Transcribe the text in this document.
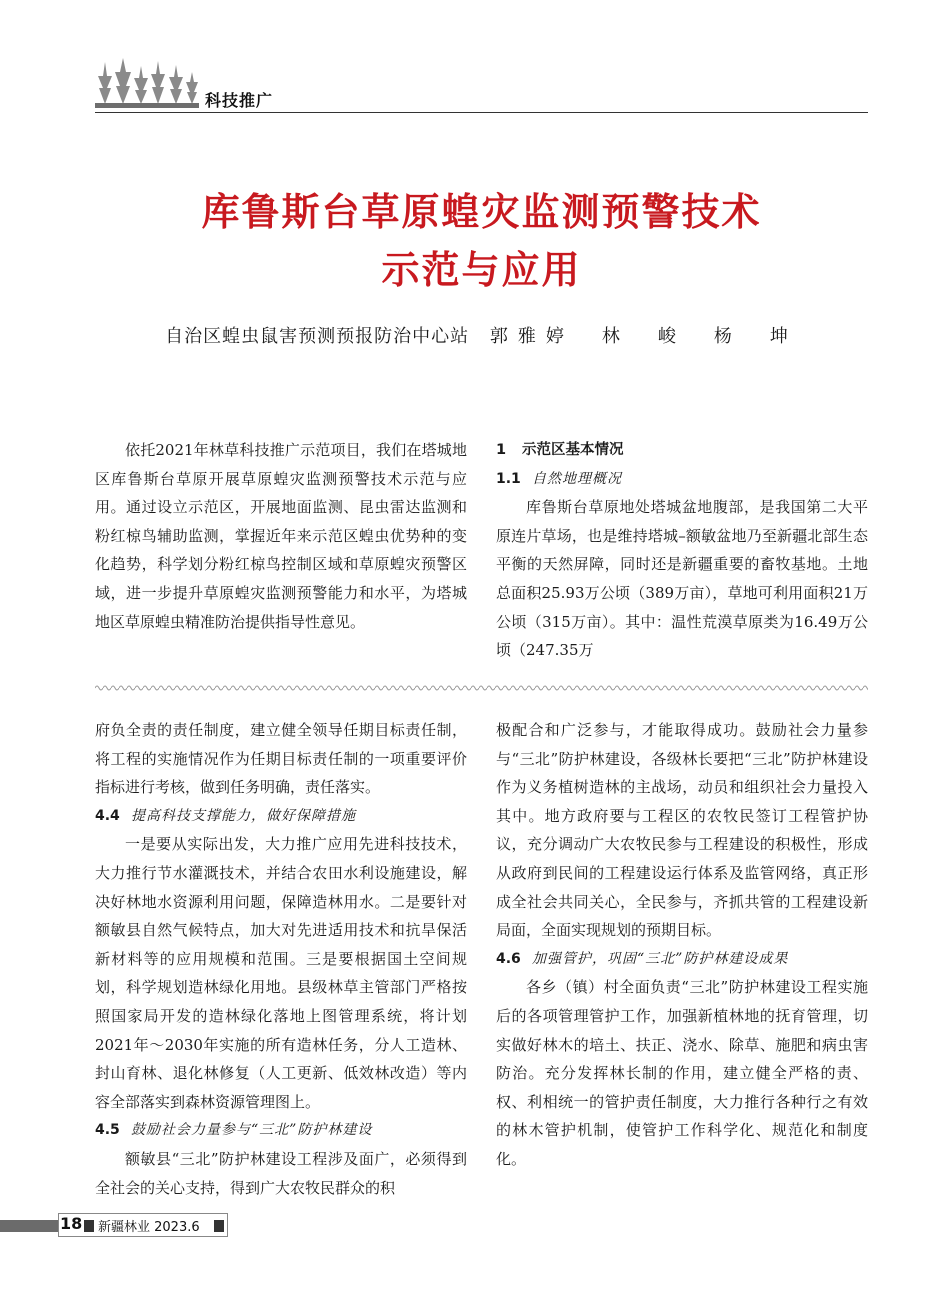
科技推广
库鲁斯台草原蝗灾监测预警技术
示范与应用
自治区蝗虫鼠害预测预报防治中心站 郭雅婷　林　峻　杨　坤

依托2021年林草科技推广示范项目，我们在塔城地区库鲁斯台草原开展草原蝗灾监测预警技术示范与应用。通过设立示范区，开展地面监测、昆虫雷达监测和粉红椋鸟辅助监测，掌握近年来示范区蝗虫优势种的变化趋势，科学划分粉红椋鸟控制区域和草原蝗灾预警区域，进一步提升草原蝗灾监测预警能力和水平，为塔城地区草原蝗虫精准防治提供指导性意见。

1 示范区基本情况
1.1 自然地理概况

库鲁斯台草原地处塔城盆地腹部，是我国第二大平原连片草场，也是维持塔城–额敏盆地乃至新疆北部生态平衡的天然屏障，同时还是新疆重要的畜牧基地。土地总面积25.93万公顷（389万亩），草地可利用面积21万公顷（315万亩）。其中：温性荒漠草原类为16.49万公顷（247.35万

府负全责的责任制度，建立健全领导任期目标责任制，将工程的实施情况作为任期目标责任制的一项重要评价指标进行考核，做到任务明确，责任落实。

4.4 提高科技支撑能力，做好保障措施

一是要从实际出发，大力推广应用先进科技技术，大力推行节水灌溉技术，并结合农田水利设施建设，解决好林地水资源利用问题，保障造林用水。二是要针对额敏县自然气候特点，加大对先进适用技术和抗旱保活新材料等的应用规模和范围。三是要根据国土空间规划，科学规划造林绿化用地。县级林草主管部门严格按照国家局开发的造林绿化落地上图管理系统，将计划2021年～2030年实施的所有造林任务，分人工造林、封山育林、退化林修复（人工更新、低效林改造）等内容全部落实到森林资源管理图上。

4.5 鼓励社会力量参与“三北”防护林建设

额敏县“三北”防护林建设工程涉及面广，必须得到全社会的关心支持，得到广大农牧民群众的积

极配合和广泛参与，才能取得成功。鼓励社会力量参与“三北”防护林建设，各级林长要把“三北”防护林建设作为义务植树造林的主战场，动员和组织社会力量投入其中。地方政府要与工程区的农牧民签订工程管护协议，充分调动广大农牧民参与工程建设的积极性，形成从政府到民间的工程建设运行体系及监管网络，真正形成全社会共同关心，全民参与，齐抓共管的工程建设新局面，全面实现规划的预期目标。

4.6 加强管护，巩固“三北”防护林建设成果

各乡（镇）村全面负责“三北”防护林建设工程实施后的各项管理管护工作，加强新植林地的抚育管理，切实做好林木的培土、扶正、浇水、除草、施肥和病虫害防治。充分发挥林长制的作用，建立健全严格的责、权、利相统一的管护责任制度，大力推行各种行之有效的林木管护机制，使管护工作科学化、规范化和制度化。

18 新疆林业 2023.6
